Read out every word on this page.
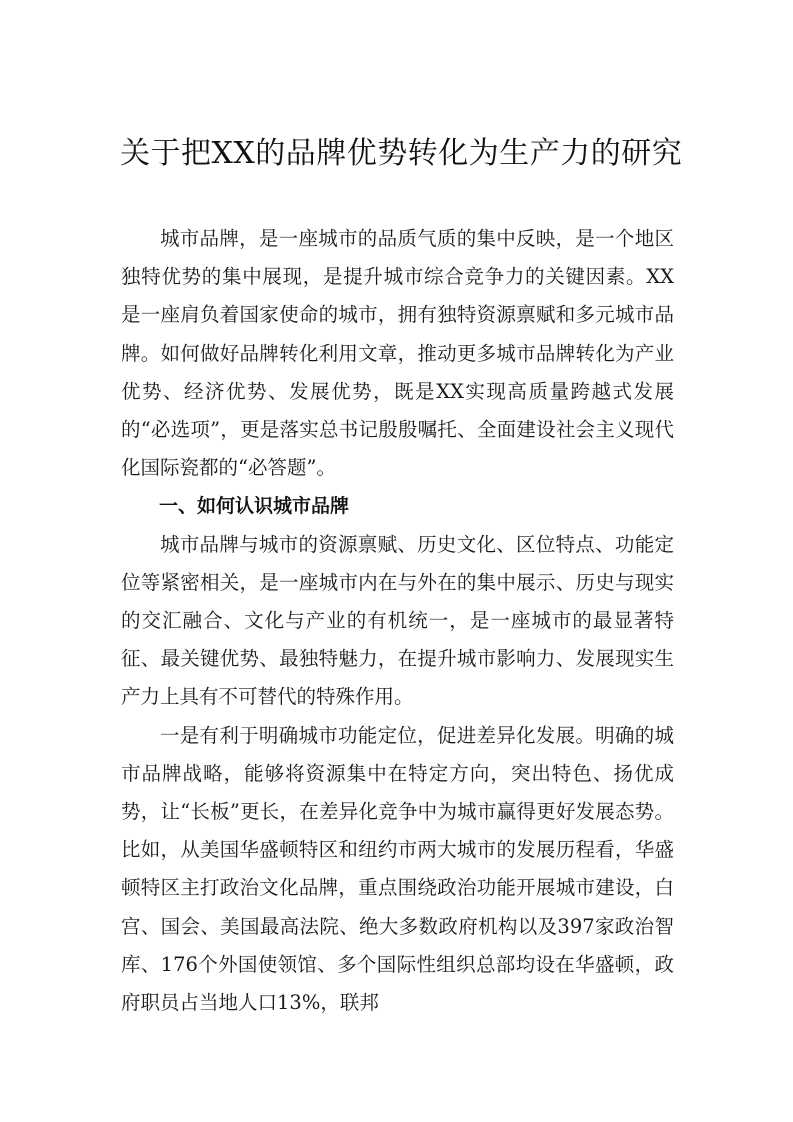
关于把XX的品牌优势转化为生产力的研究

城市品牌，是一座城市的品质气质的集中反映，是一个地区独特优势的集中展现，是提升城市综合竞争力的关键因素。XX是一座肩负着国家使命的城市，拥有独特资源禀赋和多元城市品牌。如何做好品牌转化利用文章，推动更多城市品牌转化为产业优势、经济优势、发展优势，既是XX实现高质量跨越式发展的“必选项”，更是落实总书记殷殷嘱托、全面建设社会主义现代化国际瓷都的“必答题”。

一、如何认识城市品牌

城市品牌与城市的资源禀赋、历史文化、区位特点、功能定位等紧密相关，是一座城市内在与外在的集中展示、历史与现实的交汇融合、文化与产业的有机统一，是一座城市的最显著特征、最关键优势、最独特魅力，在提升城市影响力、发展现实生产力上具有不可替代的特殊作用。

一是有利于明确城市功能定位，促进差异化发展。明确的城市品牌战略，能够将资源集中在特定方向，突出特色、扬优成势，让“长板”更长，在差异化竞争中为城市赢得更好发展态势。比如，从美国华盛顿特区和纽约市两大城市的发展历程看，华盛顿特区主打政治文化品牌，重点围绕政治功能开展城市建设，白宫、国会、美国最高法院、绝大多数政府机构以及397家政治智库、176个外国使领馆、多个国际性组织总部均设在华盛顿，政府职员占当地人口13%，联邦
